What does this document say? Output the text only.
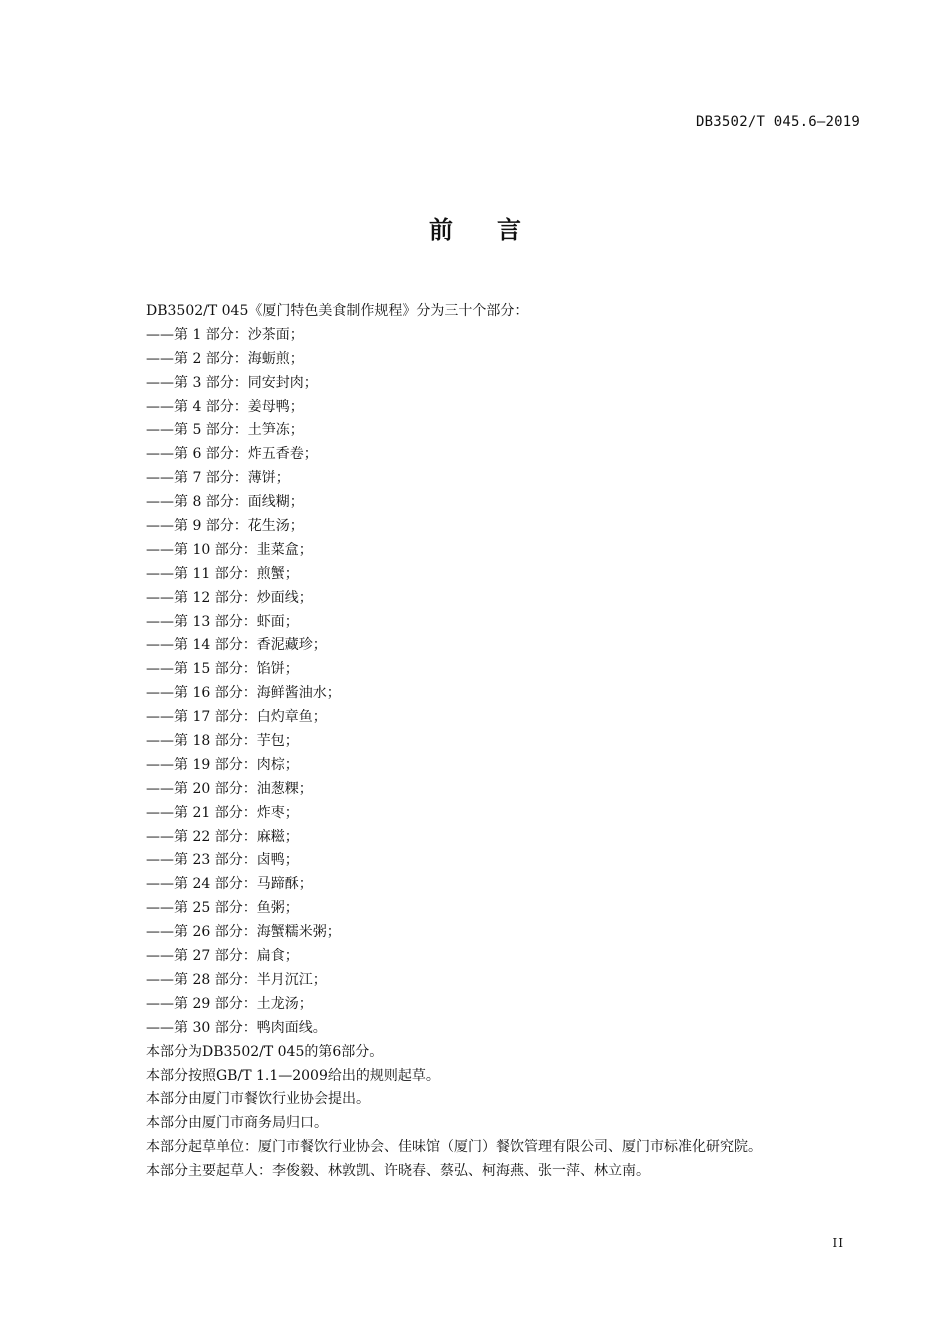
DB3502/T 045.6—2019
前 言
DB3502/T 045《厦门特色美食制作规程》分为三十个部分：
——第 1 部分：沙茶面；
——第 2 部分：海蛎煎；
——第 3 部分：同安封肉；
——第 4 部分：姜母鸭；
——第 5 部分：土笋冻；
——第 6 部分：炸五香卷；
——第 7 部分：薄饼；
——第 8 部分：面线糊；
——第 9 部分：花生汤；
——第 10 部分：韭菜盒；
——第 11 部分：煎蟹；
——第 12 部分：炒面线；
——第 13 部分：虾面；
——第 14 部分：香泥藏珍；
——第 15 部分：馅饼；
——第 16 部分：海鲜酱油水；
——第 17 部分：白灼章鱼；
——第 18 部分：芋包；
——第 19 部分：肉棕；
——第 20 部分：油葱粿；
——第 21 部分：炸枣；
——第 22 部分：麻糍；
——第 23 部分：卤鸭；
——第 24 部分：马蹄酥；
——第 25 部分：鱼粥；
——第 26 部分：海蟹糯米粥；
——第 27 部分：扁食；
——第 28 部分：半月沉江；
——第 29 部分：土龙汤；
——第 30 部分：鸭肉面线。
本部分为DB3502/T 045的第6部分。
本部分按照GB/T 1.1—2009给出的规则起草。
本部分由厦门市餐饮行业协会提出。
本部分由厦门市商务局归口。
本部分起草单位：厦门市餐饮行业协会、佳味馆（厦门）餐饮管理有限公司、厦门市标准化研究院。
本部分主要起草人：李俊毅、林敦凯、许晓春、蔡弘、柯海燕、张一萍、林立南。
II
